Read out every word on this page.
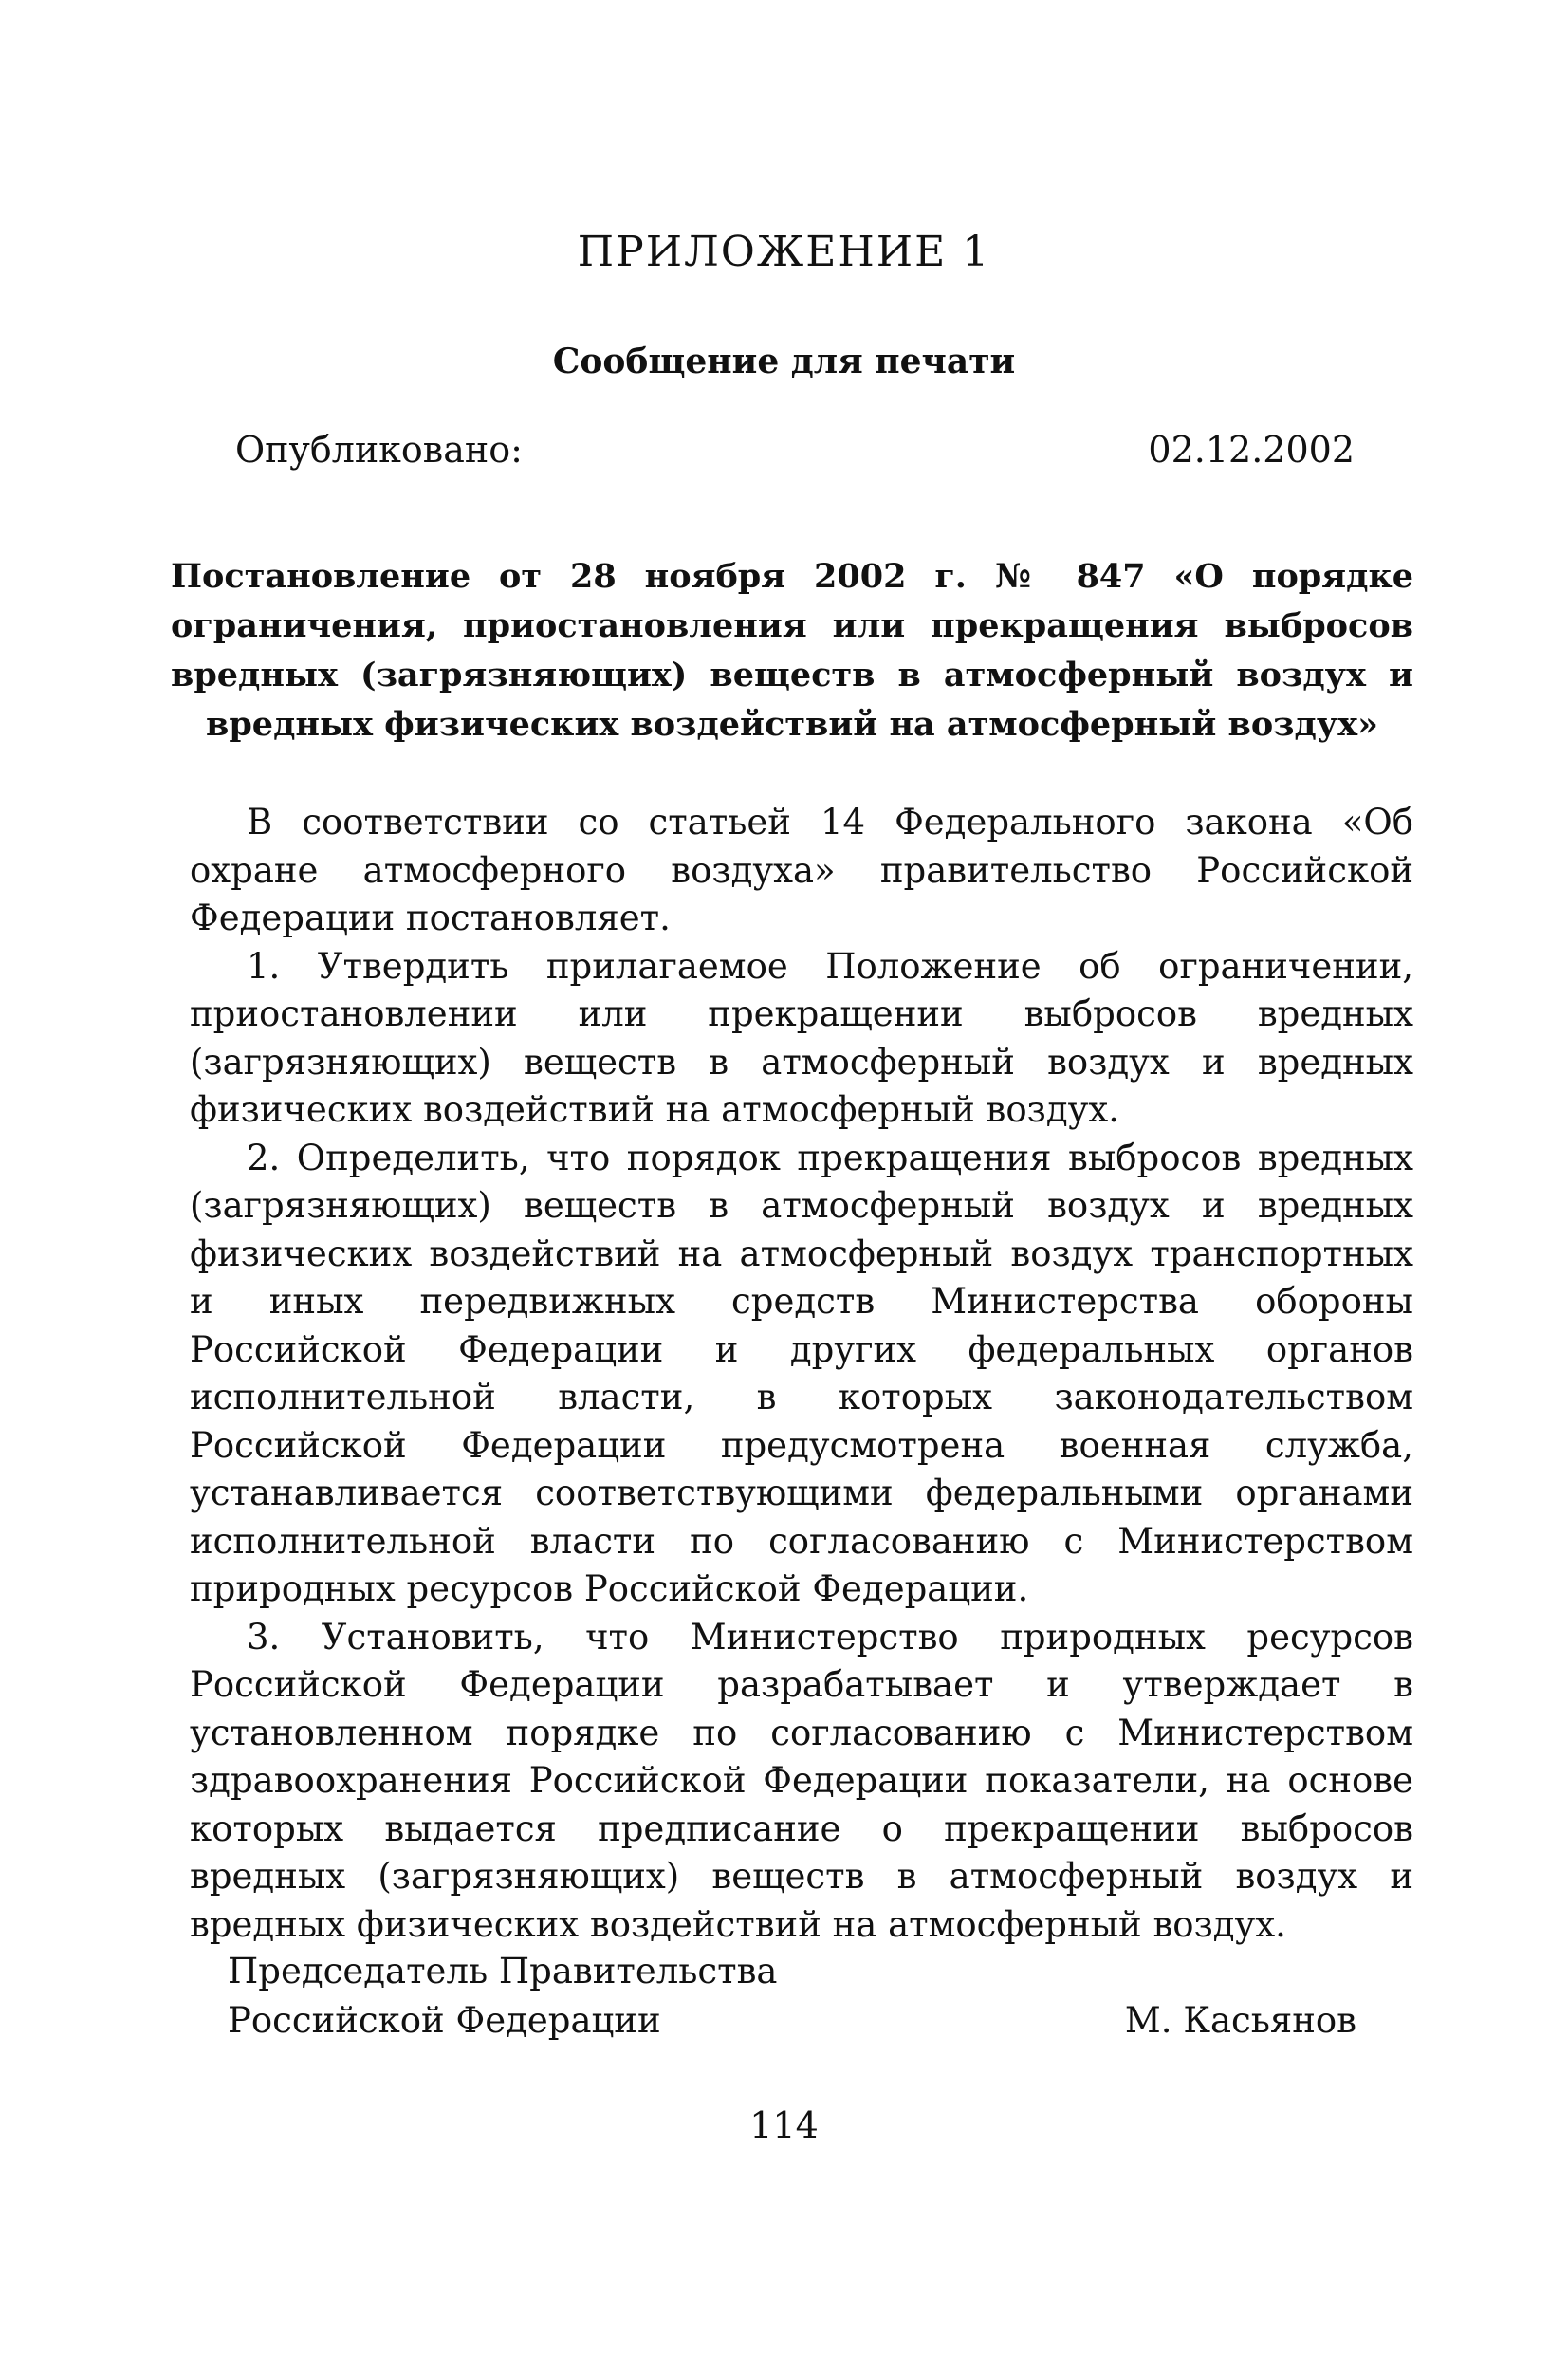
ПРИЛОЖЕНИЕ 1
Сообщение для печати
Опубликовано:	02.12.2002
Постановление от 28 ноября 2002 г. № 847 «О порядке ограничения, приостановления или прекращения выбросов вредных (загрязняющих) веществ в атмосферный воздух и вредных физических воздействий на атмосферный воздух»

В соответствии со статьей 14 Федерального закона «Об охране атмосферного воздуха» правительство Российской Федерации постановляет.

1. Утвердить прилагаемое Положение об ограничении, приостановлении или прекращении выбросов вредных (загрязняющих) веществ в атмосферный воздух и вредных физических воздействий на атмосферный воздух.

2. Определить, что порядок прекращения выбросов вредных (загрязняющих) веществ в атмосферный воздух и вредных физических воздействий на атмосферный воздух транспортных и иных передвижных средств Министерства обороны Российской Федерации и других федеральных органов исполнительной власти, в которых законодательством Российской Федерации предусмотрена военная служба, устанавливается соответствующими федеральными органами исполнительной власти по согласованию с Министерством природных ресурсов Российской Федерации.

3. Установить, что Министерство природных ресурсов Российской Федерации разрабатывает и утверждает в установленном порядке по согласованию с Министерством здравоохранения Российской Федерации показатели, на основе которых выдается предписание о прекращении выбросов вредных (загрязняющих) веществ в атмосферный воздух и вредных физических воздействий на атмосферный воздух.

Председатель Правительства
Российской Федерации	М. Касьянов
114
